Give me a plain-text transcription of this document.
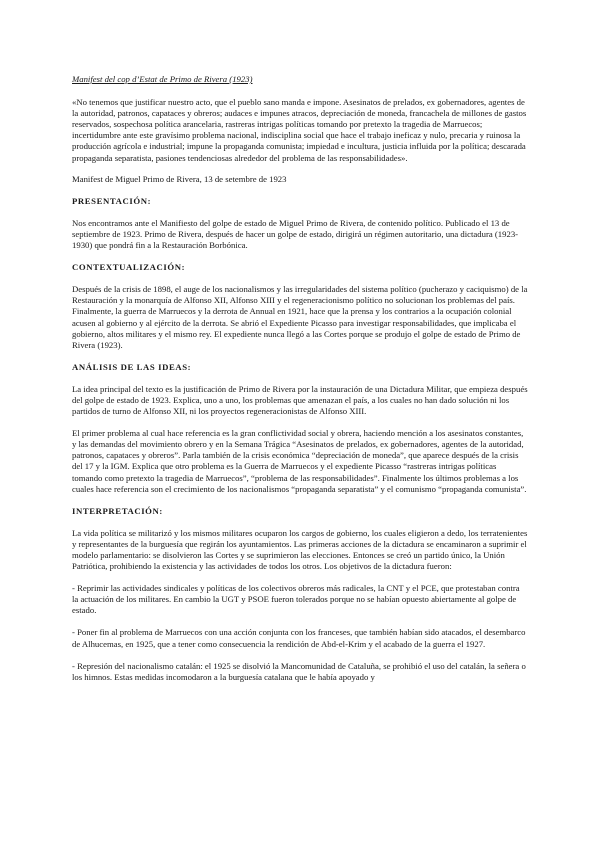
Manifest del cop d’Estat de Primo de Rivera (1923)

«No tenemos que justificar nuestro acto, que el pueblo sano manda e impone. Asesinatos de prelados, ex gobernadores, agentes de la autoridad, patronos, capataces y obreros; audaces e impunes atracos, depreciación de moneda, francachela de millones de gastos reservados, sospechosa política arancelaria, rastreras intrigas políticas tomando por pretexto la tragedia de Marruecos; incertidumbre ante este gravísimo problema nacional, indisciplina social que hace el trabajo ineficaz y nulo, precaria y ruinosa la producción agrícola e industrial; impune la propaganda comunista; impiedad e incultura, justicia influida por la política; descarada propaganda separatista, pasiones tendenciosas alrededor del problema de las responsabilidades».

Manifest de Miguel Primo de Rivera, 13 de setembre de 1923

PRESENTACIÓN:

Nos encontramos ante el Manifiesto del golpe de estado de Miguel Primo de Rivera, de contenido político. Publicado el 13 de septiembre de 1923. Primo de Rivera, después de hacer un golpe de estado, dirigirá un régimen autoritario, una dictadura (1923-1930) que pondrá fin a la Restauración Borbónica.

CONTEXTUALIZACIÓN:

Después de la crisis de 1898, el auge de los nacionalismos y las irregularidades del sistema político (pucherazo y caciquismo) de la Restauración y la monarquía de Alfonso XII, Alfonso XIII y el regeneracionismo político no solucionan los problemas del país. Finalmente, la guerra de Marruecos y la derrota de Annual en 1921, hace que la prensa y los contrarios a la ocupación colonial acusen al gobierno y al ejército de la derrota. Se abrió el Expediente Picasso para investigar responsabilidades, que implicaba el gobierno, altos militares y el mismo rey. El expediente nunca llegó a las Cortes porque se produjo el golpe de estado de Primo de Rivera (1923).

ANÁLISIS DE LAS IDEAS:

La idea principal del texto es la justificación de Primo de Rivera por la instauración de una Dictadura Militar, que empieza después del golpe de estado de 1923. Explica, uno a uno, los problemas que amenazan el país, a los cuales no han dado solución ni los partidos de turno de Alfonso XII, ni los proyectos regeneracionistas de Alfonso XIII.

El primer problema al cual hace referencia es la gran conflictividad social y obrera, haciendo mención a los asesinatos constantes, y las demandas del movimiento obrero y en la Semana Trágica “Asesinatos de prelados, ex gobernadores, agentes de la autoridad, patronos, capataces y obreros”. Parla también de la crisis económica “depreciación de moneda”, que aparece después de la crisis del 17 y la IGM. Explica que otro problema es la Guerra de Marruecos y el expediente Picasso “rastreras intrigas políticas tomando como pretexto la tragedia de Marruecos”, “problema de las responsabilidades”. Finalmente los últimos problemas a los cuales hace referencia son el crecimiento de los nacionalismos “propaganda separatista” y el comunismo “propaganda comunista”.

INTERPRETACIÓN:

La vida política se militarizó y los mismos militares ocuparon los cargos de gobierno, los cuales eligieron a dedo, los terratenientes y representantes de la burguesía que regirán los ayuntamientos. Las primeras acciones de la dictadura se encaminaron a suprimir el modelo parlamentario: se disolvieron las Cortes y se suprimieron las elecciones. Entonces se creó un partido único, la Unión Patriótica, prohibiendo la existencia y las actividades de todos los otros. Los objetivos de la dictadura fueron:

- Reprimir las actividades sindicales y políticas de los colectivos obreros más radicales, la CNT y el PCE, que protestaban contra la actuación de los militares. En cambio la UGT y PSOE fueron tolerados porque no se habían opuesto abiertamente al golpe de estado.

- Poner fin al problema de Marruecos con una acción conjunta con los franceses, que también habían sido atacados, el desembarco de Alhucemas, en 1925, que a tener como consecuencia la rendición de Abd-el-Krim y el acabado de la guerra el 1927.

- Represión del nacionalismo catalán: el 1925 se disolvió la Mancomunidad de Cataluña, se prohibió el uso del catalán, la señera o los himnos. Estas medidas incomodaron a la burguesía catalana que le había apoyado y
